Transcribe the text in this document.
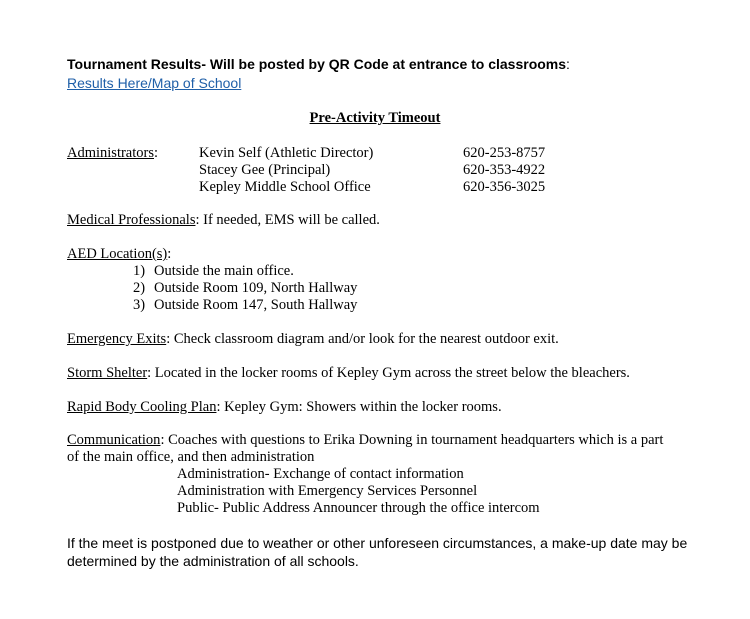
Tournament Results- Will be posted by QR Code at entrance to classrooms:
Results Here/Map of School
Pre-Activity Timeout
Administrators:	Kevin Self (Athletic Director)	620-253-8757
Stacey Gee (Principal)	620-353-4922
Kepley Middle School Office	620-356-3025
Medical Professionals: If needed, EMS will be called.
AED Location(s):
1) Outside the main office.
2) Outside Room 109, North Hallway
3) Outside Room 147, South Hallway
Emergency Exits: Check classroom diagram and/or look for the nearest outdoor exit.
Storm Shelter: Located in the locker rooms of Kepley Gym across the street below the bleachers.
Rapid Body Cooling Plan: Kepley Gym: Showers within the locker rooms.
Communication: Coaches with questions to Erika Downing in tournament headquarters which is a part
of the main office, and then administration
Administration- Exchange of contact information
Administration with Emergency Services Personnel
Public- Public Address Announcer through the office intercom
If the meet is postponed due to weather or other unforeseen circumstances, a make-up date may be
determined by the administration of all schools.
